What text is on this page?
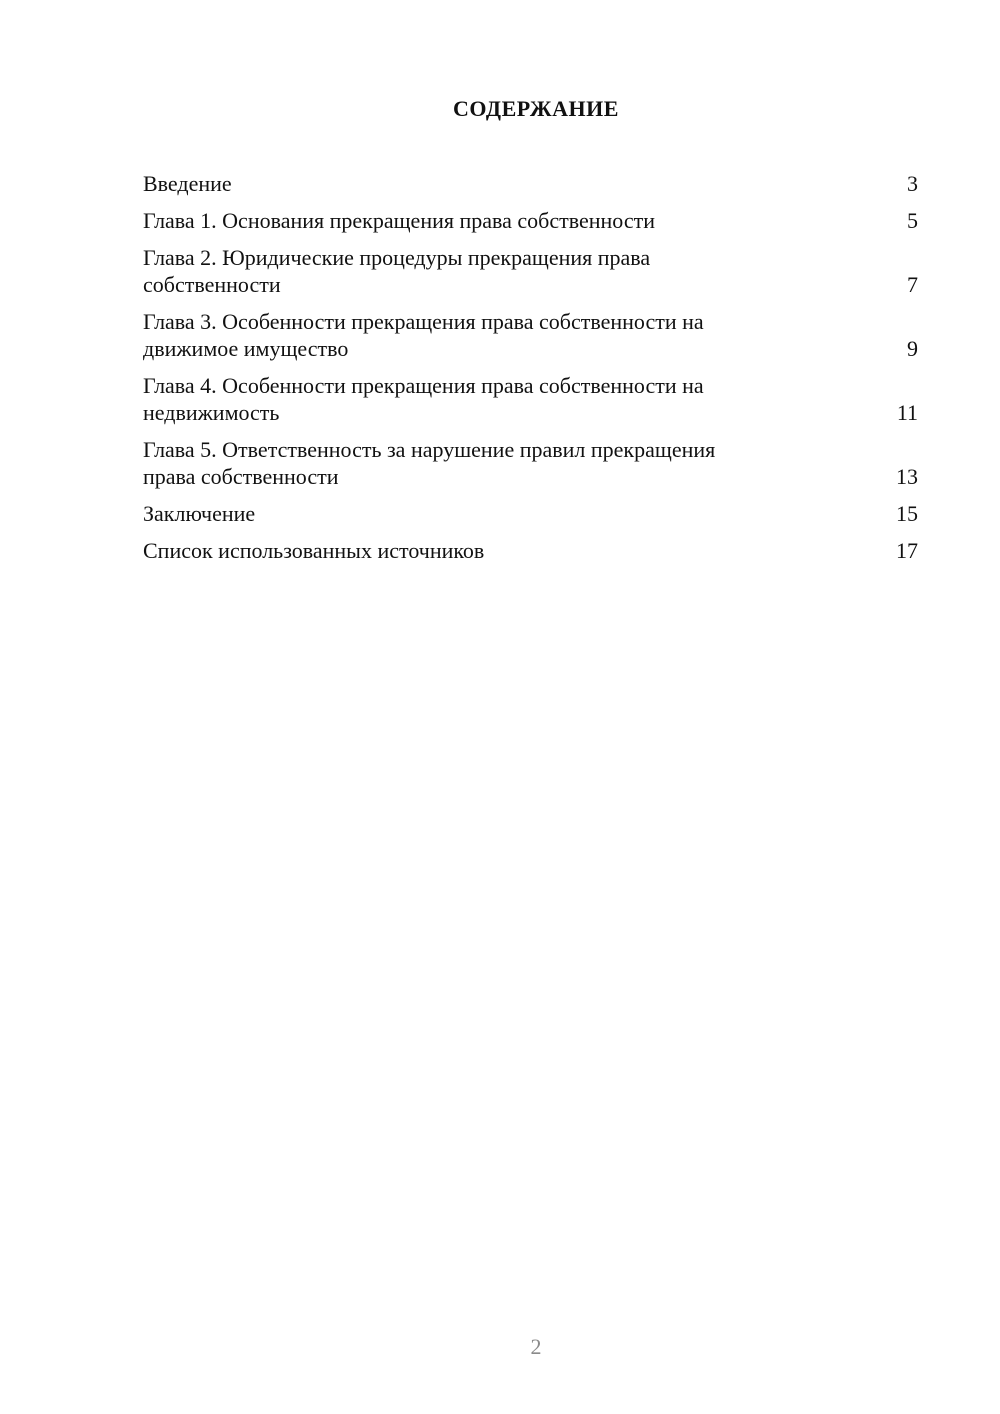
СОДЕРЖАНИЕ
Введение	3
Глава 1. Основания прекращения права собственности	5
Глава 2. Юридические процедуры прекращения права
собственности	7
Глава 3. Особенности прекращения права собственности на
движимое имущество	9
Глава 4. Особенности прекращения права собственности на
недвижимость	11
Глава 5. Ответственность за нарушение правил прекращения
права собственности	13
Заключение	15
Список использованных источников	17
2
